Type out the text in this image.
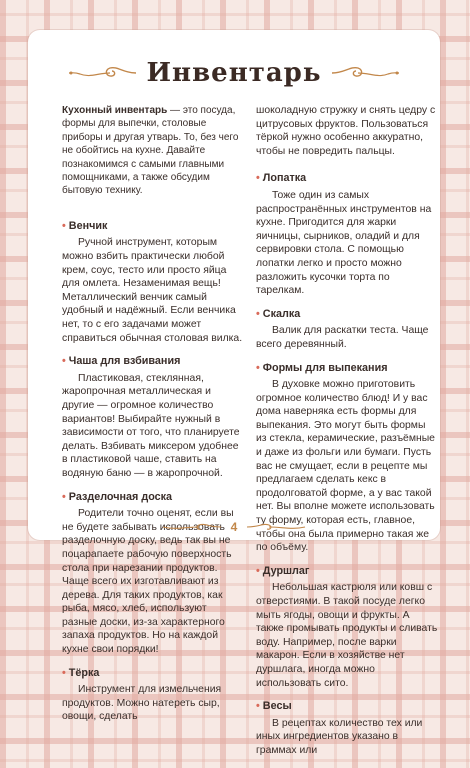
Инвентарь

Кухонный инвентарь — это посуда, формы для выпечки, столовые приборы и другая утварь. То, без чего не обойтись на кухне. Давайте познакомимся с самыми главными помощниками, а также обсудим бытовую технику.

• Венчик

Ручной инструмент, которым можно взбить практически любой крем, соус, тесто или просто яйца для омлета. Незаменимая вещь! Металлический венчик самый удобный и надёжный. Если венчика нет, то с его задачами может справиться обычная столовая вилка.

• Чаша для взбивания

Пластиковая, стеклянная, жаропрочная металлическая и другие — огромное количество вариантов! Выбирайте нужный в зависимости от того, что планируете делать. Взбивать миксером удобнее в пластиковой чаше, ставить на водяную баню — в жаропрочной.

• Разделочная доска

Родители точно оценят, если вы не будете забывать использовать разделочную доску, ведь так вы не поцарапаете рабочую поверхность стола при нарезании продуктов. Чаще всего их изготавливают из дерева. Для таких продуктов, как рыба, мясо, хлеб, используют разные доски, из-за характерного запаха продуктов. Но на каждой кухне свои порядки!

• Тёрка

Инструмент для измельчения продуктов. Можно натереть сыр, овощи, сделать

шоколадную стружку и снять цедру с цитрусовых фруктов. Пользоваться тёркой нужно особенно аккуратно, чтобы не повредить пальцы.

• Лопатка

Тоже один из самых распространённых инструментов на кухне. Пригодится для жарки яичницы, сырников, оладий и для сервировки стола. С помощью лопатки легко и просто можно разложить кусочки торта по тарелкам.

• Скалка

Валик для раскатки теста. Чаще всего деревянный.

• Формы для выпекания

В духовке можно приготовить огромное количество блюд! И у вас дома наверняка есть формы для выпекания. Это могут быть формы из стекла, керамические, разъёмные и даже из фольги или бумаги. Пусть вас не смущает, если в рецепте мы предлагаем сделать кекс в продолговатой форме, а у вас такой нет. Вы вполне можете использовать ту форму, которая есть, главное, чтобы она была примерно такая же по объёму.

• Дуршлаг

Небольшая кастрюля или ковш с отверстиями. В такой посуде легко мыть ягоды, овощи и фрукты. А также промывать продукты и сливать воду. Например, после варки макарон. Если в хозяйстве нет дуршлага, иногда можно использовать сито.

• Весы

В рецептах количество тех или иных ингредиентов указано в граммах или

4
